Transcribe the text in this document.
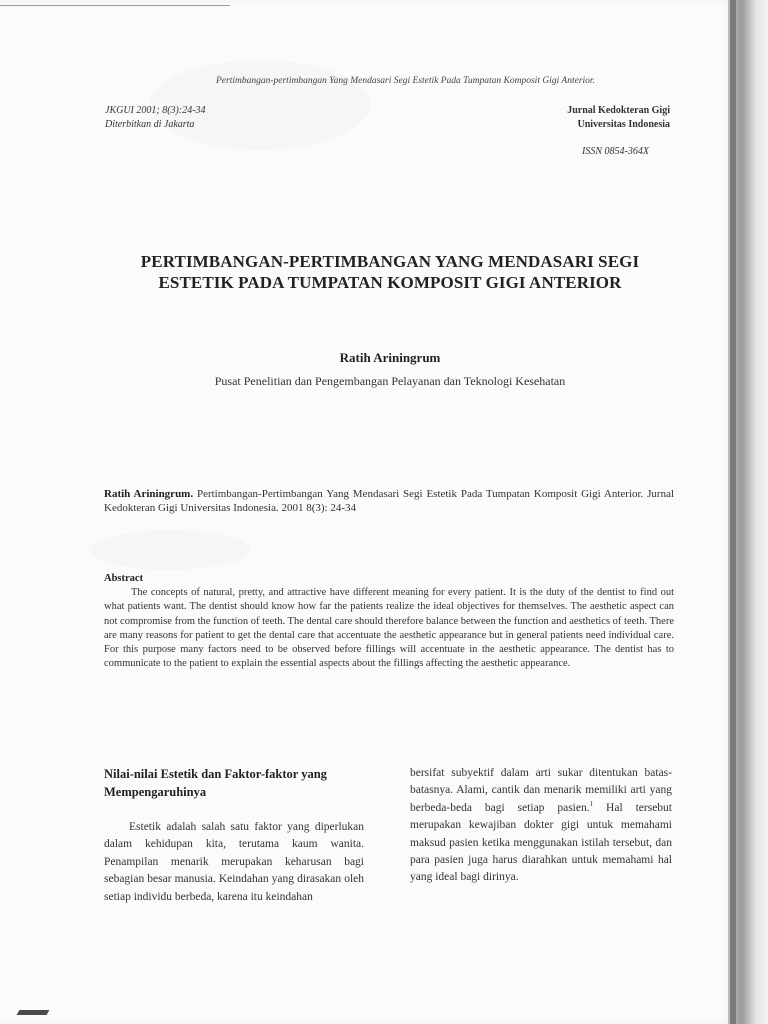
Pertimbangan-pertimbangan Yang Mendasari Segi Estetik Pada Tumpatan Komposit Gigi Anterior.
JKGUI 2001; 8(3):24-34
Diterbitkan di Jakarta
Jurnal Kedokteran Gigi
Universitas Indonesia
ISSN 0854-364X
PERTIMBANGAN-PERTIMBANGAN YANG MENDASARI SEGI
ESTETIK PADA TUMPATAN KOMPOSIT GIGI ANTERIOR
Ratih Ariningrum
Pusat Penelitian dan Pengembangan Pelayanan dan Teknologi Kesehatan
Ratih Ariningrum. Pertimbangan-Pertimbangan Yang Mendasari Segi Estetik Pada Tumpatan Komposit Gigi Anterior. Jurnal Kedokteran Gigi Universitas Indonesia. 2001 8(3): 24-34
Abstract
The concepts of natural, pretty, and attractive have different meaning for every patient. It is the duty of the dentist to find out what patients want. The dentist should know how far the patients realize the ideal objectives for themselves. The aesthetic aspect can not compromise from the function of teeth. The dental care should therefore balance between the function and aesthetics of teeth. There are many reasons for patient to get the dental care that accentuate the aesthetic appearance but in general patients need individual care. For this purpose many factors need to be observed before fillings will accentuate in the aesthetic appearance. The dentist has to communicate to the patient to explain the essential aspects about the fillings affecting the aesthetic appearance.

Nilai-nilai Estetik dan Faktor-faktor yang Mempengaruhinya

Estetik adalah salah satu faktor yang diperlukan dalam kehidupan kita, terutama kaum wanita. Penampilan menarik merupakan keharusan bagi sebagian besar manusia. Keindahan yang dirasakan oleh setiap individu berbeda, karena itu keindahan

bersifat subyektif dalam arti sukar ditentukan batas-batasnya. Alami, cantik dan menarik memiliki arti yang berbeda-beda bagi setiap pasien.$^1$ Hal tersebut merupakan kewajiban dokter gigi untuk memahami maksud pasien ketika menggunakan istilah tersebut, dan para pasien juga harus diarahkan untuk memahami hal yang ideal bagi dirinya.
